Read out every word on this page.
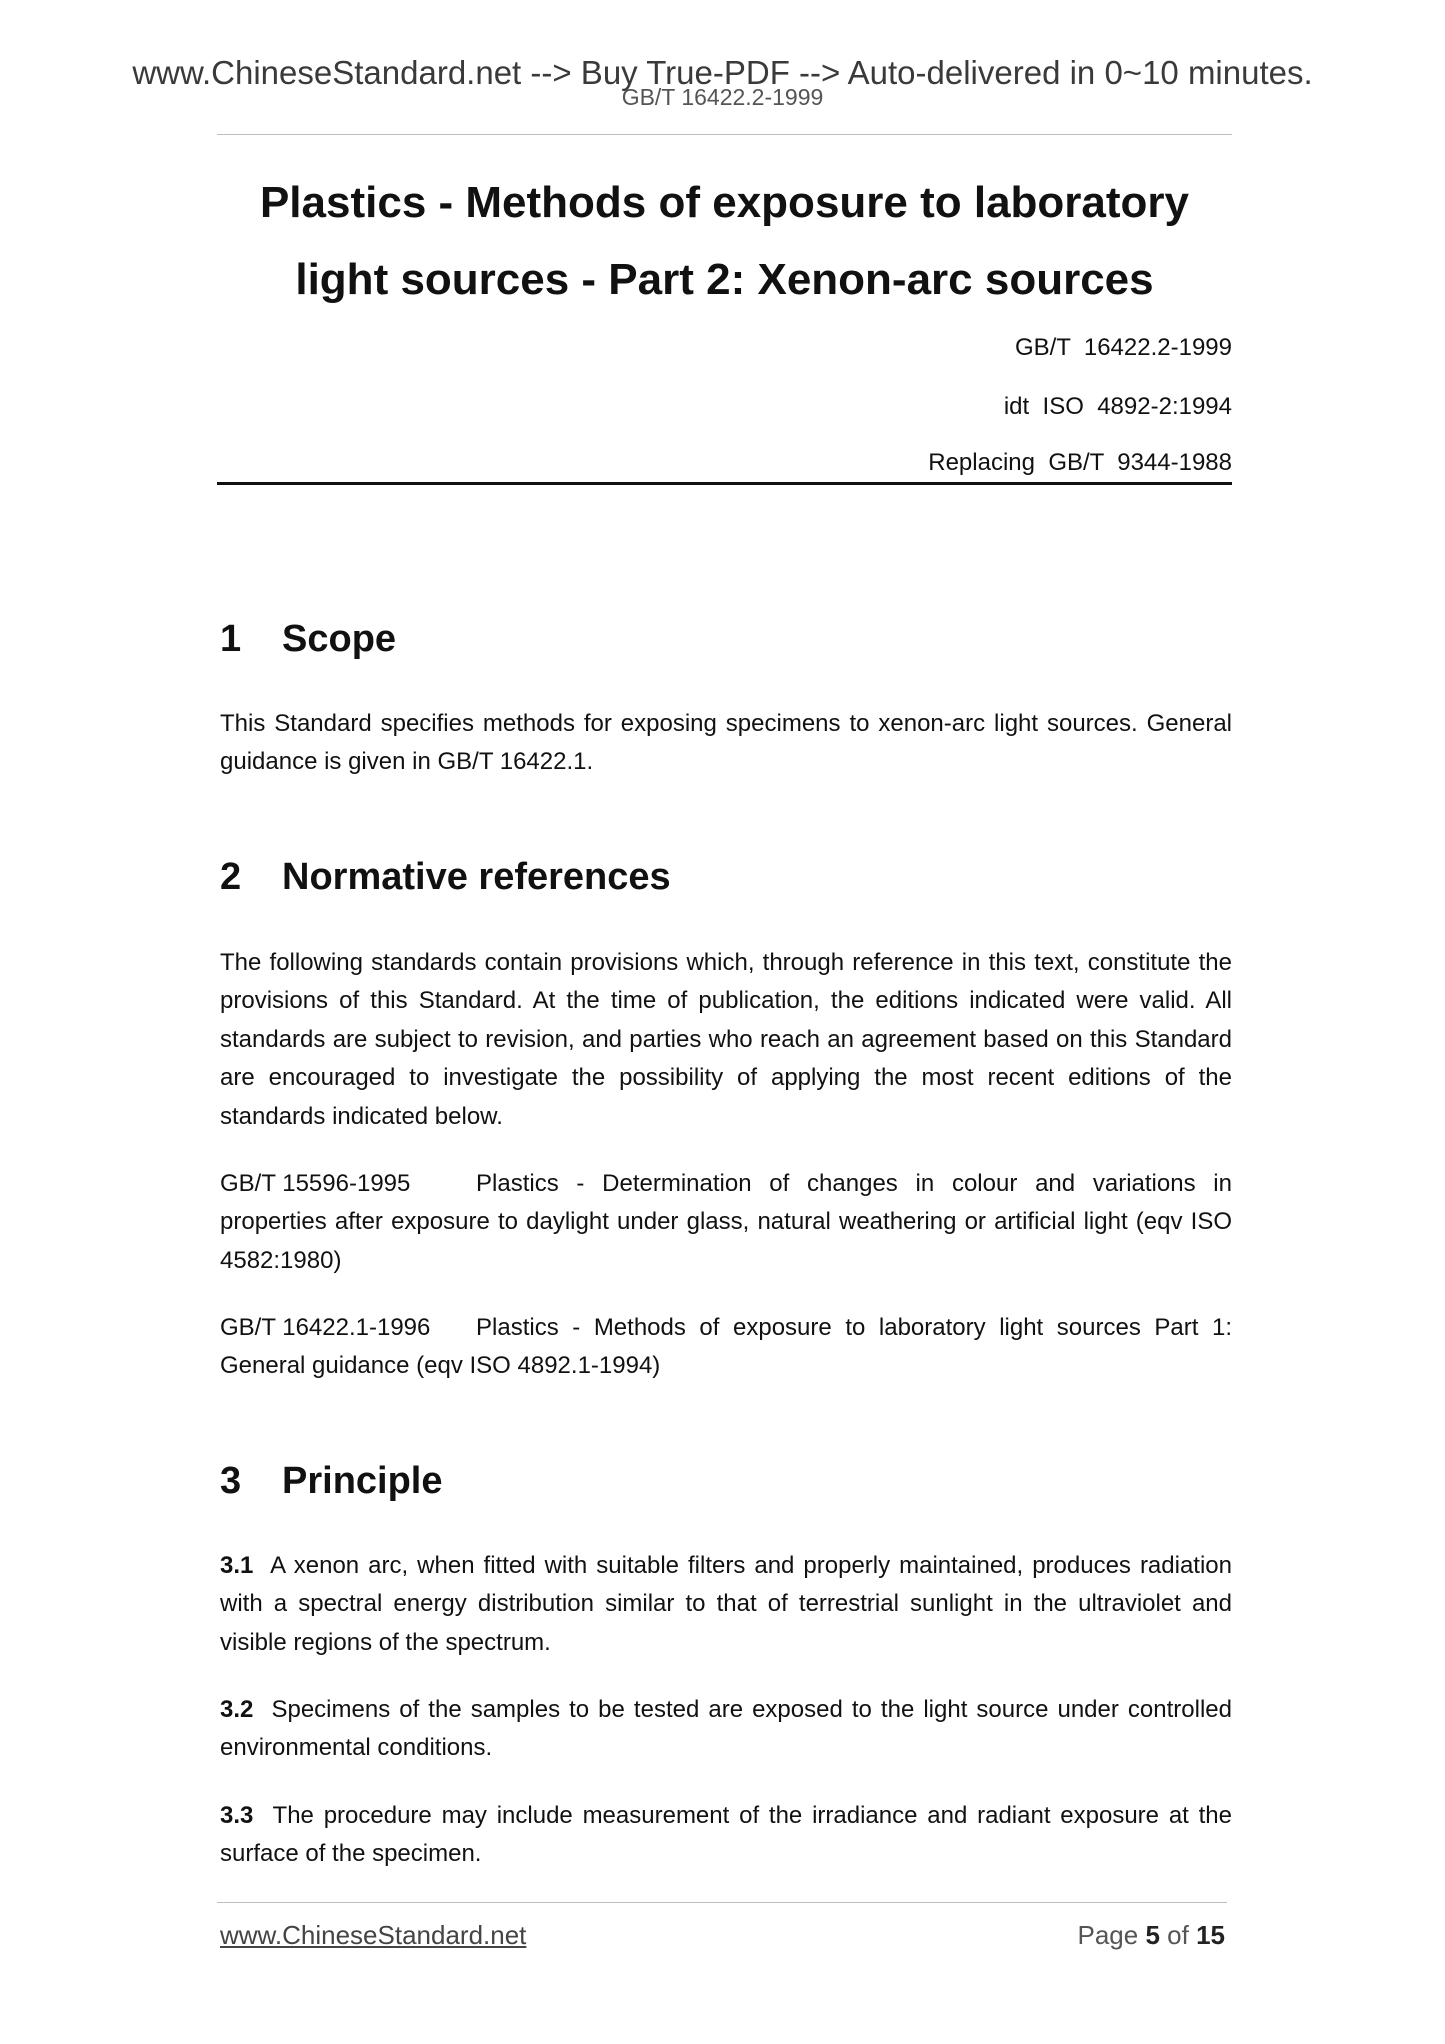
www.ChineseStandard.net --> Buy True-PDF --> Auto-delivered in 0~10 minutes.
GB/T 16422.2-1999
Plastics - Methods of exposure to laboratory
light sources - Part 2: Xenon-arc sources
GB/T  16422.2-1999
idt  ISO  4892-2:1994
Replacing  GB/T  9344-1988
1 Scope
This Standard specifies methods for exposing specimens to xenon-arc light sources. General guidance is given in GB/T 16422.1.
2 Normative references
The following standards contain provisions which, through reference in this text, constitute the provisions of this Standard. At the time of publication, the editions indicated were valid. All standards are subject to revision, and parties who reach an agreement based on this Standard are encouraged to investigate the possibility of applying the most recent editions of the standards indicated below.
GB/T 15596-1995	Plastics - Determination of changes in colour and variations in properties after exposure to daylight under glass, natural weathering or artificial light (eqv ISO 4582:1980)
GB/T 16422.1-1996 Plastics - Methods of exposure to laboratory light sources Part 1: General guidance (eqv ISO 4892.1-1994)
3 Principle
3.1 A xenon arc, when fitted with suitable filters and properly maintained, produces radiation with a spectral energy distribution similar to that of terrestrial sunlight in the ultraviolet and visible regions of the spectrum.
3.2 Specimens of the samples to be tested are exposed to the light source under controlled environmental conditions.
3.3 The procedure may include measurement of the irradiance and radiant exposure at the surface of the specimen.
www.ChineseStandard.net	Page 5 of 15
